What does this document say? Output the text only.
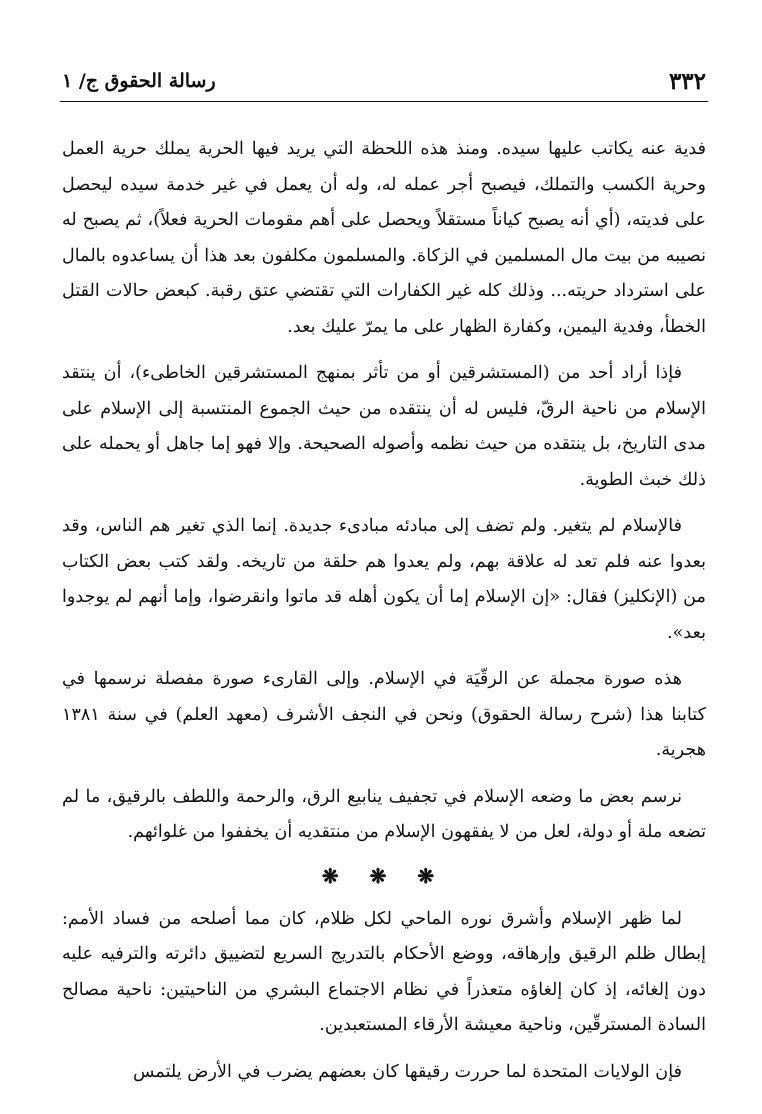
٣٣٢
رسالة الحقوق ج/ ١

فدية عنه يكاتب عليها سيده. ومنذ هذه اللحظة التي يريد فيها الحرية يملك حرية العمل وحرية الكسب والتملك، فيصبح أجر عمله له، وله أن يعمل في غير خدمة سيده ليحصل على فديته، (أي أنه يصبح كياناً مستقلاً ويحصل على أهم مقومات الحرية فعلاً)، ثم يصبح له نصيبه من بيت مال المسلمين في الزكاة. والمسلمون مكلفون بعد هذا أن يساعدوه بالمال على استرداد حريته... وذلك كله غير الكفارات التي تقتضي عتق رقبة. كبعض حالات القتل الخطأ، وفدية اليمين، وكفارة الظهار على ما يمرّ عليك بعد.

فإذا أراد أحد من (المستشرقين أو من تأثر بمنهج المستشرقين الخاطىء)، أن ينتقد الإسلام من ناحية الرقّ، فليس له أن ينتقده من حيث الجموع المنتسبة إلى الإسلام على مدى التاريخ، بل ينتقده من حيث نظمه وأصوله الصحيحة. وإلا فهو إما جاهل أو يحمله على ذلك خبث الطوية.

فالإسلام لم يتغير. ولم تضف إلى مبادئه مبادىء جديدة. إنما الذي تغير هم الناس، وقد بعدوا عنه فلم تعد له علاقة بهم، ولم يعدوا هم حلقة من تاريخه. ولقد كتب بعض الكتاب من (الإنكليز) فقال: «إن الإسلام إما أن يكون أهله قد ماتوا وانقرضوا، وإما أنهم لم يوجدوا بعد».

هذه صورة مجملة عن الرقّيَة في الإسلام. وإلى القارىء صورة مفصلة نرسمها في كتابنا هذا (شرح رسالة الحقوق) ونحن في النجف الأشرف (معهد العلم) في سنة ١٣٨١ هجرية.

نرسم بعض ما وضعه الإسلام في تجفيف ينابيع الرق، والرحمة واللطف بالرقيق، ما لم تضعه ملة أو دولة، لعل من لا يفقهون الإسلام من منتقديه أن يخففوا من غلوائهم.

❋ ❋ ❋

لما ظهر الإسلام وأشرق نوره الماحي لكل ظلام، كان مما أصلحه من فساد الأمم: إبطال ظلم الرقيق وإرهاقه، ووضع الأحكام بالتدريج السريع لتضييق دائرته والترفيه عليه دون إلغائه، إذ كان إلغاؤه متعذراً في نظام الاجتماع البشري من الناحيتين: ناحية مصالح السادة المسترقّين، وناحية معيشة الأرقاء المستعبدين.

فإن الولايات المتحدة لما حررت رقيقها كان بعضهم يضرب في الأرض يلتمس
